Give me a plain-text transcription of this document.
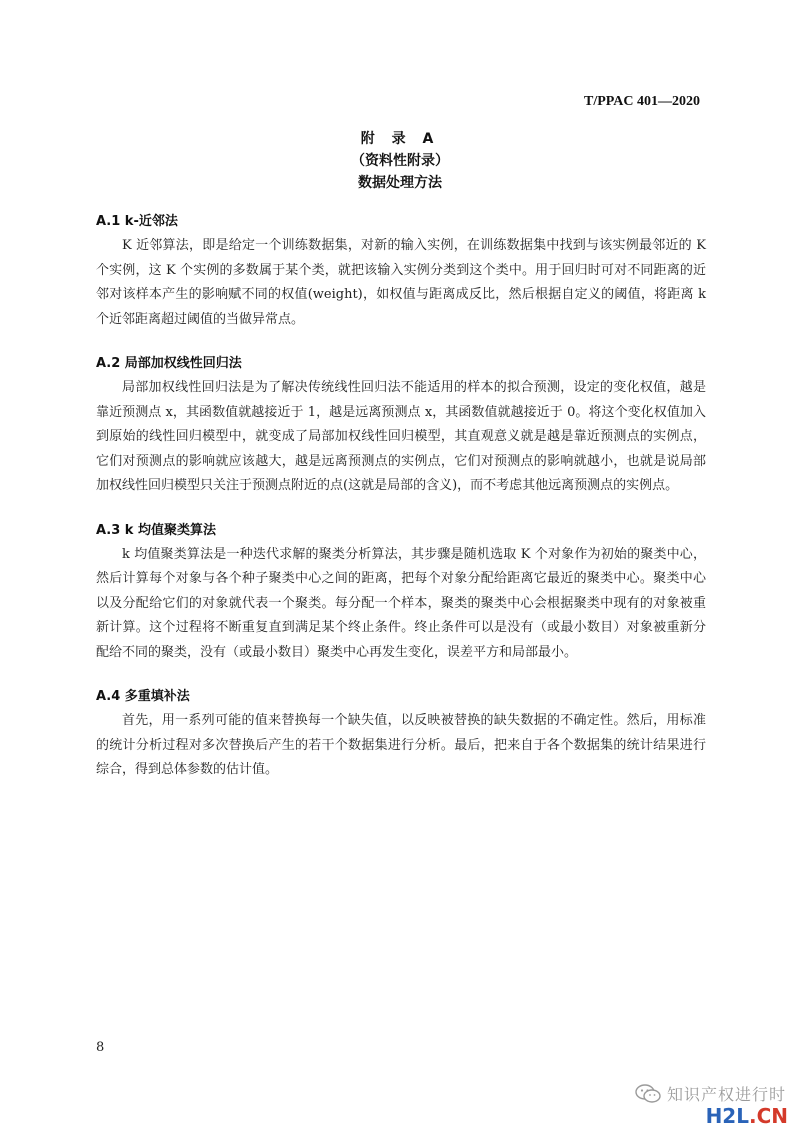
T/PPAC 401—2020
附 录 A
（资料性附录）
数据处理方法
A.1 k-近邻法

K 近邻算法，即是给定一个训练数据集，对新的输入实例，在训练数据集中找到与该实例最邻近的 K 个实例，这 K 个实例的多数属于某个类，就把该输入实例分类到这个类中。用于回归时可对不同距离的近邻对该样本产生的影响赋不同的权值(weight)，如权值与距离成反比，然后根据自定义的阈值，将距离 k 个近邻距离超过阈值的当做异常点。

A.2 局部加权线性回归法

局部加权线性回归法是为了解决传统线性回归法不能适用的样本的拟合预测，设定的变化权值，越是靠近预测点 x，其函数值就越接近于 1，越是远离预测点 x，其函数值就越接近于 0。将这个变化权值加入到原始的线性回归模型中，就变成了局部加权线性回归模型，其直观意义就是越是靠近预测点的实例点，它们对预测点的影响就应该越大，越是远离预测点的实例点，它们对预测点的影响就越小，也就是说局部加权线性回归模型只关注于预测点附近的点(这就是局部的含义)，而不考虑其他远离预测点的实例点。

A.3 k 均值聚类算法

k 均值聚类算法是一种迭代求解的聚类分析算法，其步骤是随机选取 K 个对象作为初始的聚类中心，然后计算每个对象与各个种子聚类中心之间的距离，把每个对象分配给距离它最近的聚类中心。聚类中心以及分配给它们的对象就代表一个聚类。每分配一个样本，聚类的聚类中心会根据聚类中现有的对象被重新计算。这个过程将不断重复直到满足某个终止条件。终止条件可以是没有（或最小数目）对象被重新分配给不同的聚类，没有（或最小数目）聚类中心再发生变化，误差平方和局部最小。

A.4 多重填补法

首先，用一系列可能的值来替换每一个缺失值，以反映被替换的缺失数据的不确定性。然后，用标准的统计分析过程对多次替换后产生的若干个数据集进行分析。最后，把来自于各个数据集的统计结果进行综合，得到总体参数的估计值。

8
知识产权进行时
H2L.CN
